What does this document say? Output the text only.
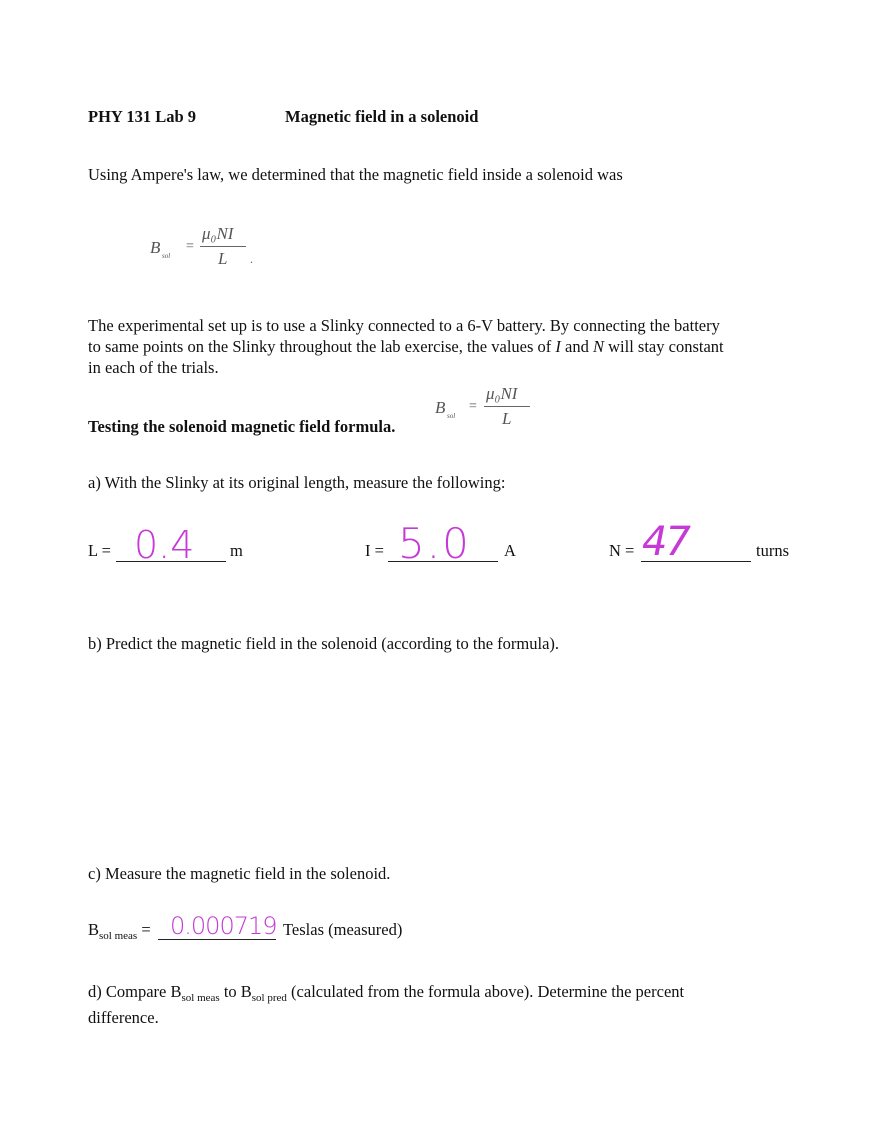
PHY 131 Lab 9	Magnetic field in a solenoid
Using Ampere's law, we determined that the magnetic field inside a solenoid was
B sol
=
μ₀NI
L .
The experimental set up is to use a Slinky connected to a 6-V battery. By connecting the battery
to same points on the Slinky throughout the lab exercise, the values of I and N will stay constant
in each of the trials.
B sol
=
μ₀NI
L
Testing the solenoid magnetic field formula.
a) With the Slinky at its original length, measure the following:
L = 0.4 m	I = 5.0 A	N = 47	turns
b) Predict the magnetic field in the solenoid (according to the formula).
c) Measure the magnetic field in the solenoid.
$B_{sol meas} = 0.000719$ Teslas (measured)
d) Compare $B_{sol meas}$ to $B_{sol pred}$ (calculated from the formula above). Determine the percent
difference.
